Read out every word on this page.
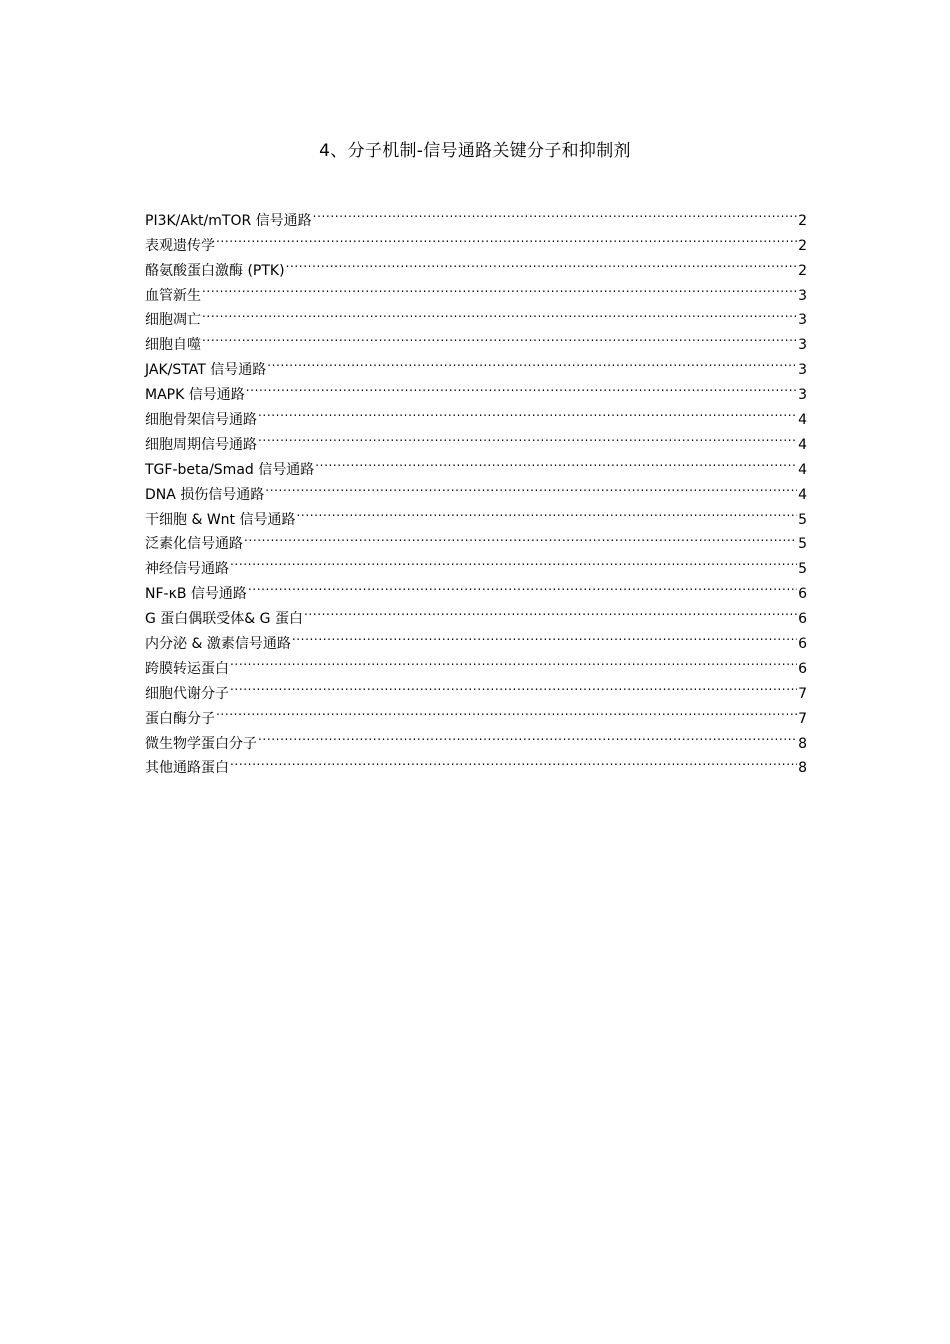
4、分子机制-信号通路关键分子和抑制剂
PI3K/Akt/mTOR 信号通路 .....	2
表观遗传学 .....	2
酪氨酸蛋白激酶 (PTK) .....	2
血管新生 .....	3
细胞凋亡 .....	3
细胞自噬 .....	3
JAK/STAT 信号通路 .....	3
MAPK 信号通路 .....	3
细胞骨架信号通路 .....	4
细胞周期信号通路 .....	4
TGF-beta/Smad 信号通路 .....	4
DNA 损伤信号通路 .....	4
干细胞 & Wnt 信号通路 .....	5
泛素化信号通路 .....	5
神经信号通路 .....	5
NF-κB 信号通路 .....	6
G 蛋白偶联受体& G 蛋白 .....	6
内分泌 & 激素信号通路 .....	6
跨膜转运蛋白 .....	6
细胞代谢分子 .....	7
蛋白酶分子 .....	7
微生物学蛋白分子 .....	8
其他通路蛋白 .....	8
